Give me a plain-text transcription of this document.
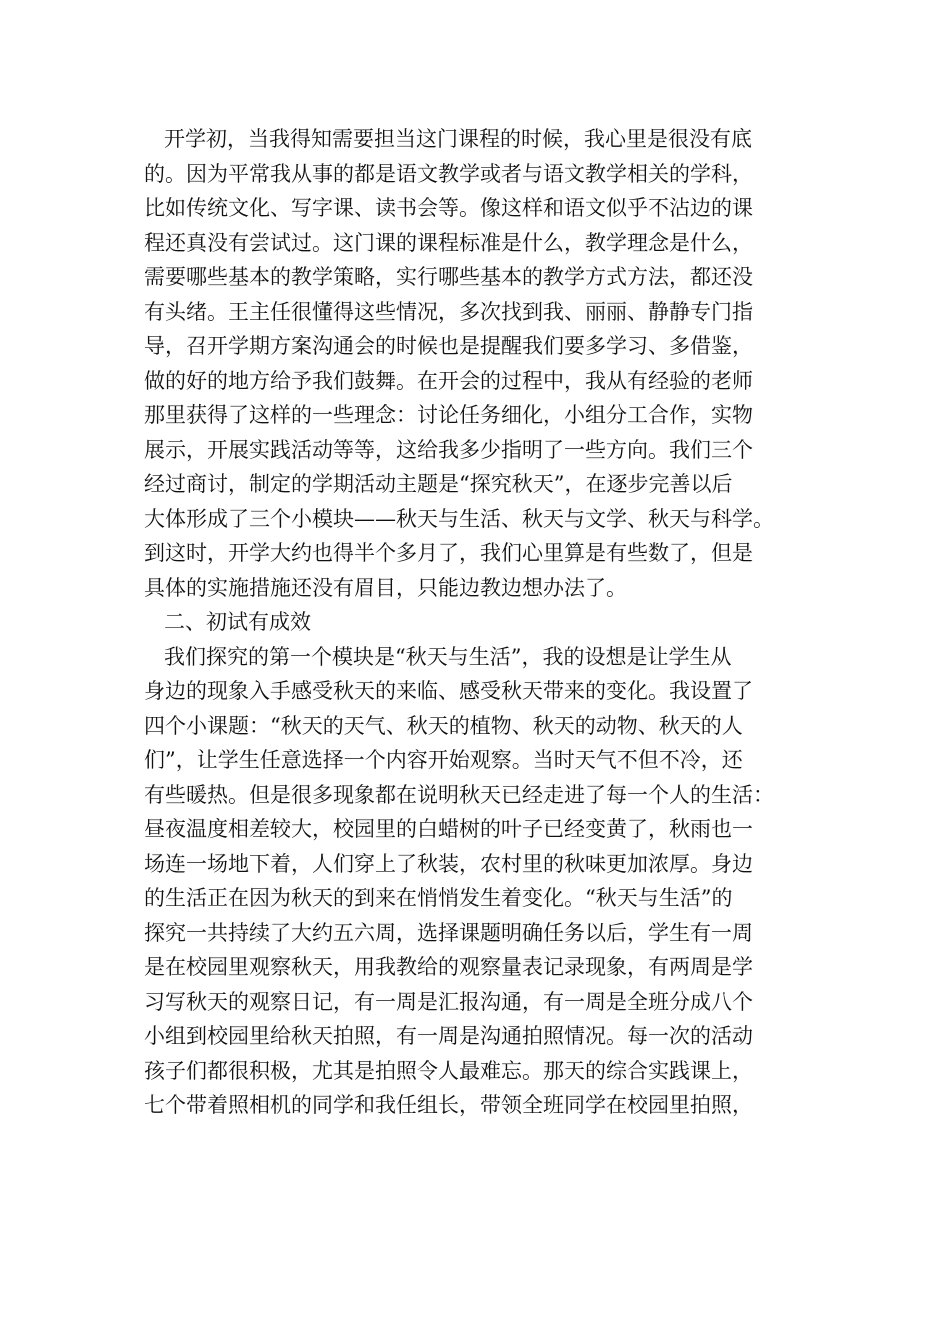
开学初，当我得知需要担当这门课程的时候，我心里是很没有底
的。因为平常我从事的都是语文教学或者与语文教学相关的学科，
比如传统文化、写字课、读书会等。像这样和语文似乎不沾边的课
程还真没有尝试过。这门课的课程标准是什么，教学理念是什么，
需要哪些基本的教学策略，实行哪些基本的教学方式方法，都还没
有头绪。王主任很懂得这些情况，多次找到我、丽丽、静静专门指
导，召开学期方案沟通会的时候也是提醒我们要多学习、多借鉴，
做的好的地方给予我们鼓舞。在开会的过程中，我从有经验的老师
那里获得了这样的一些理念：讨论任务细化，小组分工合作，实物
展示，开展实践活动等等，这给我多少指明了一些方向。我们三个
经过商讨，制定的学期活动主题是“探究秋天”，在逐步完善以后
大体形成了三个小模块——秋天与生活、秋天与文学、秋天与科学。
到这时，开学大约也得半个多月了，我们心里算是有些数了，但是
具体的实施措施还没有眉目，只能边教边想办法了。
二、初试有成效
我们探究的第一个模块是“秋天与生活”，我的设想是让学生从
身边的现象入手感受秋天的来临、感受秋天带来的变化。我设置了
四个小课题：“秋天的天气、秋天的植物、秋天的动物、秋天的人
们”，让学生任意选择一个内容开始观察。当时天气不但不冷，还
有些暖热。但是很多现象都在说明秋天已经走进了每一个人的生活：
昼夜温度相差较大，校园里的白蜡树的叶子已经变黄了，秋雨也一
场连一场地下着，人们穿上了秋装，农村里的秋味更加浓厚。身边
的生活正在因为秋天的到来在悄悄发生着变化。“秋天与生活”的
探究一共持续了大约五六周，选择课题明确任务以后，学生有一周
是在校园里观察秋天，用我教给的观察量表记录现象，有两周是学
习写秋天的观察日记，有一周是汇报沟通，有一周是全班分成八个
小组到校园里给秋天拍照，有一周是沟通拍照情况。每一次的活动
孩子们都很积极，尤其是拍照令人最难忘。那天的综合实践课上，
七个带着照相机的同学和我任组长，带领全班同学在校园里拍照，
